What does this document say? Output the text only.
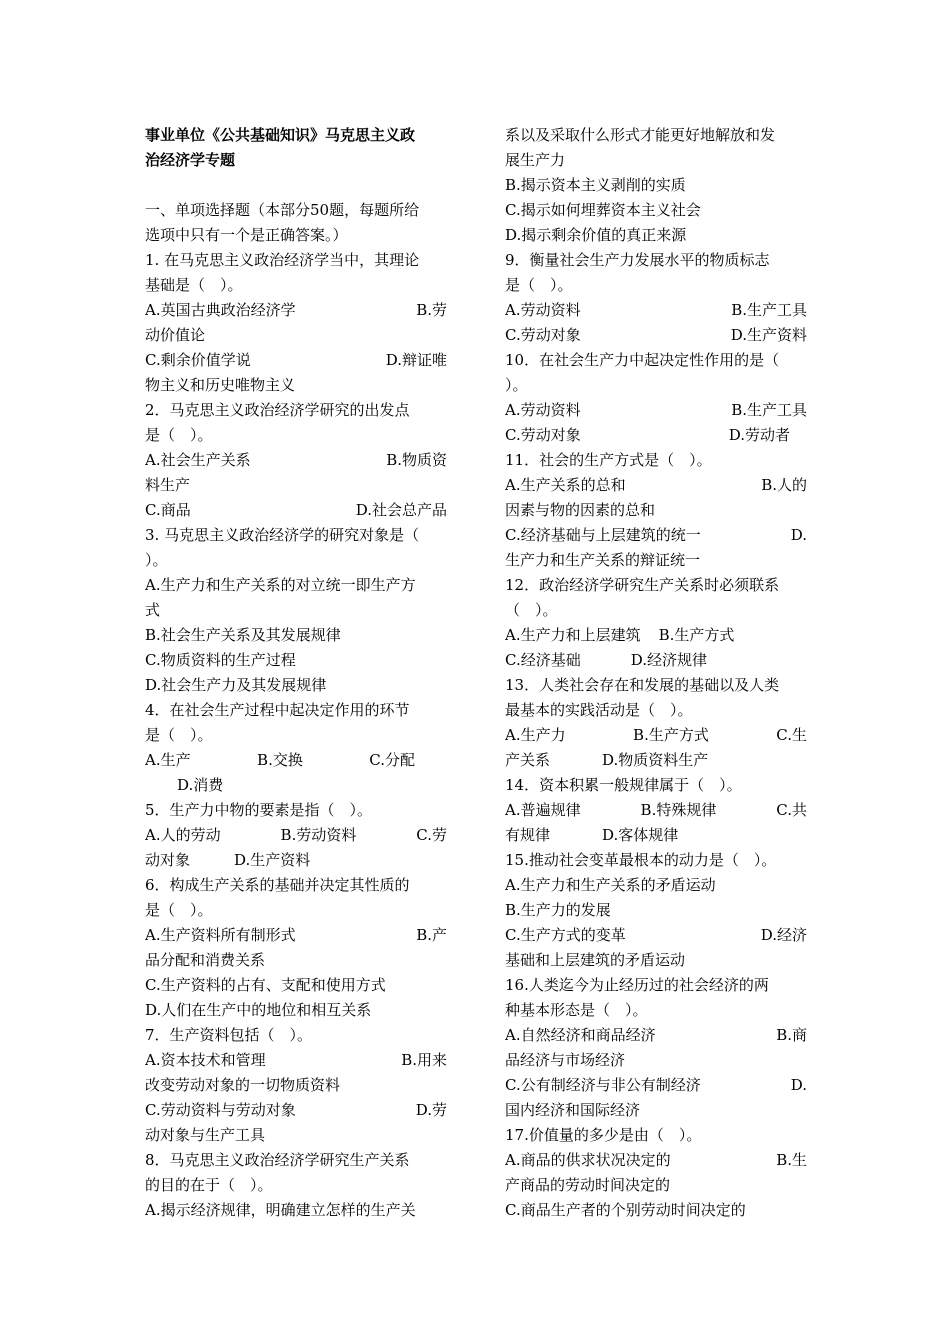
事业单位《公共基础知识》马克思主义政
治经济学专题
一、单项选择题（本部分50题，每题所给
选项中只有一个是正确答案。）
1. 在马克思主义政治经济学当中，其理论
基础是（　）。
A.英国古典政治经济学	B.劳
动价值论
C.剩余价值学说	D.辩证唯
物主义和历史唯物主义
2．马克思主义政治经济学研究的出发点
是（　）。
A.社会生产关系	B.物质资
料生产
C.商品	D.社会总产品
3. 马克思主义政治经济学的研究对象是（
）。
A.生产力和生产关系的对立统一即生产方
式
B.社会生产关系及其发展规律
C.物质资料的生产过程
D.社会生产力及其发展规律
4．在社会生产过程中起决定作用的环节
是（　）。
A.生产	B.交换	C.分配
D.消费
5．生产力中物的要素是指（　）。
A.人的劳动	B.劳动资料	C.劳
动对象	D.生产资料
6．构成生产关系的基础并决定其性质的
是（　）。
A.生产资料所有制形式	B.产
品分配和消费关系
C.生产资料的占有、支配和使用方式
D.人们在生产中的地位和相互关系
7．生产资料包括（　）。
A.资本技术和管理	B.用来
改变劳动对象的一切物质资料
C.劳动资料与劳动对象	D.劳
动对象与生产工具
8．马克思主义政治经济学研究生产关系
的目的在于（　）。
A.揭示经济规律，明确建立怎样的生产关
系以及采取什么形式才能更好地解放和发
展生产力
B.揭示资本主义剥削的实质
C.揭示如何埋葬资本主义社会
D.揭示剩余价值的真正来源
9．衡量社会生产力发展水平的物质标志
是（　）。
A.劳动资料	B.生产工具
C.劳动对象	D.生产资料
10．在社会生产力中起决定性作用的是（
）。
A.劳动资料	B.生产工具
C.劳动对象	D.劳动者
11．社会的生产方式是（　）。
A.生产关系的总和	B.人的
因素与物的因素的总和
C.经济基础与上层建筑的统一	D.
生产力和生产关系的辩证统一
12．政治经济学研究生产关系时必须联系
（　）。
A.生产力和上层建筑 B.生产方式
C.经济基础	D.经济规律
13．人类社会存在和发展的基础以及人类
最基本的实践活动是（　）。
A.生产力	B.生产方式	C.生
产关系	D.物质资料生产
14．资本积累一般规律属于（　）。
A.普遍规律	B.特殊规律	C.共
有规律	D.客体规律
15.推动社会变革最根本的动力是（　）。
A.生产力和生产关系的矛盾运动
B.生产力的发展
C.生产方式的变革	D.经济
基础和上层建筑的矛盾运动
16.人类迄今为止经历过的社会经济的两
种基本形态是（　）。
A.自然经济和商品经济	B.商
品经济与市场经济
C.公有制经济与非公有制经济	D.
国内经济和国际经济
17.价值量的多少是由（　）。
A.商品的供求状况决定的	B.生
产商品的劳动时间决定的
C.商品生产者的个别劳动时间决定的
